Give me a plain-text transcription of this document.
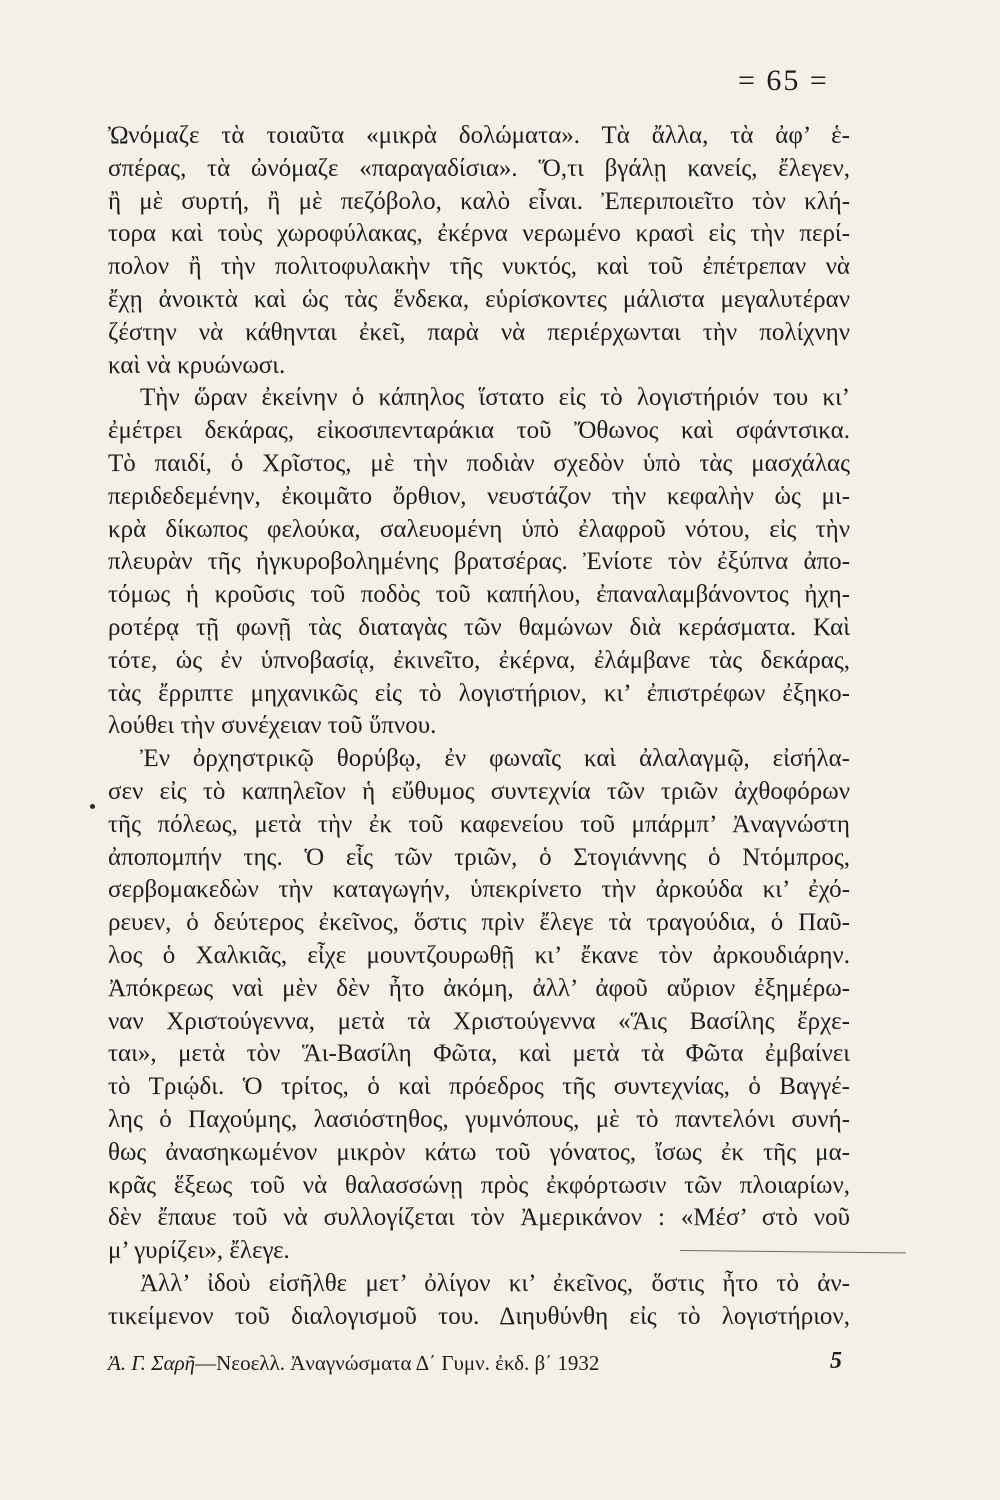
= 65 =
Ὠνόμαζε τὰ τοιαῦτα «μικρὰ δολώματα». Τὰ ἄλλα, τὰ ἀφ’ ἑ-
σπέρας, τὰ ὠνόμαζε «παραγαδίσια». Ὅ,τι βγάλῃ κανείς, ἔλεγεν,
ἢ μὲ συρτή, ἢ μὲ πεζόβολο, καλὸ εἶναι. Ἐπεριποιεῖτο τὸν κλή-
τορα καὶ τοὺς χωροφύλακας, ἐκέρνα νερωμένο κρασὶ εἰς τὴν περί-
πολον ἢ τὴν πολιτοφυλακὴν τῆς νυκτός, καὶ τοῦ ἐπέτρεπαν νὰ
ἔχῃ ἀνοικτὰ καὶ ὡς τὰς ἕνδεκα, εὑρίσκοντες μάλιστα μεγαλυτέραν
ζέστην νὰ κάθηνται ἐκεῖ, παρὰ νὰ περιέρχωνται τὴν πολίχνην
καὶ νὰ κρυώνωσι.
Τὴν ὥραν ἐκείνην ὁ κάπηλος ἵστατο εἰς τὸ λογιστήριόν του κι’
ἐμέτρει δεκάρας, εἰκοσιπενταράκια τοῦ Ὄθωνος καὶ σφάντσικα.
Τὸ παιδί, ὁ Χρῖστος, μὲ τὴν ποδιὰν σχεδὸν ὑπὸ τὰς μασχάλας
περιδεδεμένην, ἐκοιμᾶτο ὄρθιον, νευστάζον τὴν κεφαλὴν ὡς μι-
κρὰ δίκωπος φελούκα, σαλευομένη ὑπὸ ἐλαφροῦ νότου, εἰς τὴν
πλευρὰν τῆς ἠγκυροβολημένης βρατσέρας. Ἐνίοτε τὸν ἐξύπνα ἀπο-
τόμως ἡ κροῦσις τοῦ ποδὸς τοῦ καπήλου, ἐπαναλαμβάνοντος ἠχη-
ροτέρᾳ τῇ φωνῇ τὰς διαταγὰς τῶν θαμώνων διὰ κεράσματα. Καὶ
τότε, ὡς ἐν ὑπνοβασίᾳ, ἐκινεῖτο, ἐκέρνα, ἐλάμβανε τὰς δεκάρας,
τὰς ἔρριπτε μηχανικῶς εἰς τὸ λογιστήριον, κι’ ἐπιστρέφων ἐξηκο-
λούθει τὴν συνέχειαν τοῦ ὕπνου.
Ἐν ὀρχηστρικῷ θορύβῳ, ἐν φωναῖς καὶ ἀλαλαγμῷ, εἰσήλα-
σεν εἰς τὸ καπηλεῖον ἡ εὔθυμος συντεχνία τῶν τριῶν ἀχθοφόρων
τῆς πόλεως, μετὰ τὴν ἐκ τοῦ καφενείου τοῦ μπάρμπ’ Ἀναγνώστη
ἀποπομπήν της. Ὁ εἷς τῶν τριῶν, ὁ Στογιάννης ὁ Ντόμπρος,
σερβομακεδὼν τὴν καταγωγήν, ὑπεκρίνετο τὴν ἀρκούδα κι’ ἐχό-
ρευεν, ὁ δεύτερος ἐκεῖνος, ὅστις πρὶν ἔλεγε τὰ τραγούδια, ὁ Παῦ-
λος ὁ Χαλκιᾶς, εἶχε μουντζουρωθῇ κι’ ἔκανε τὸν ἀρκουδιάρην.
Ἀπόκρεως ναὶ μὲν δὲν ἦτο ἀκόμη, ἀλλ’ ἀφοῦ αὔριον ἐξημέρω-
ναν Χριστούγεννα, μετὰ τὰ Χριστούγεννα «Ἅις Βασίλης ἔρχε-
ται», μετὰ τὸν Ἅι-Βασίλη Φῶτα, καὶ μετὰ τὰ Φῶτα ἐμβαίνει
τὸ Τριῴδι. Ὁ τρίτος, ὁ καὶ πρόεδρος τῆς συντεχνίας, ὁ Βαγγέ-
λης ὁ Παχούμης, λασιόστηθος, γυμνόπους, μὲ τὸ παντελόνι συνή-
θως ἀνασηκωμένον μικρὸν κάτω τοῦ γόνατος, ἴσως ἐκ τῆς μα-
κρᾶς ἕξεως τοῦ νὰ θαλασσώνῃ πρὸς ἐκφόρτωσιν τῶν πλοιαρίων,
δὲν ἔπαυε τοῦ νὰ συλλογίζεται τὸν Ἀμερικάνον : «Μέσ’ στὸ νοῦ
μ’ γυρίζει», ἔλεγε.
Ἀλλ’ ἰδοὺ εἰσῆλθε μετ’ ὀλίγον κι’ ἐκεῖνος, ὅστις ἦτο τὸ ἀν-
τικείμενον τοῦ διαλογισμοῦ του. Διηυθύνθη εἰς τὸ λογιστήριον,
Ἀ. Γ. Σαρῆ—Νεοελλ. Ἀναγνώσματα Δ΄ Γυμν. ἐκδ. β΄ 1932	5
